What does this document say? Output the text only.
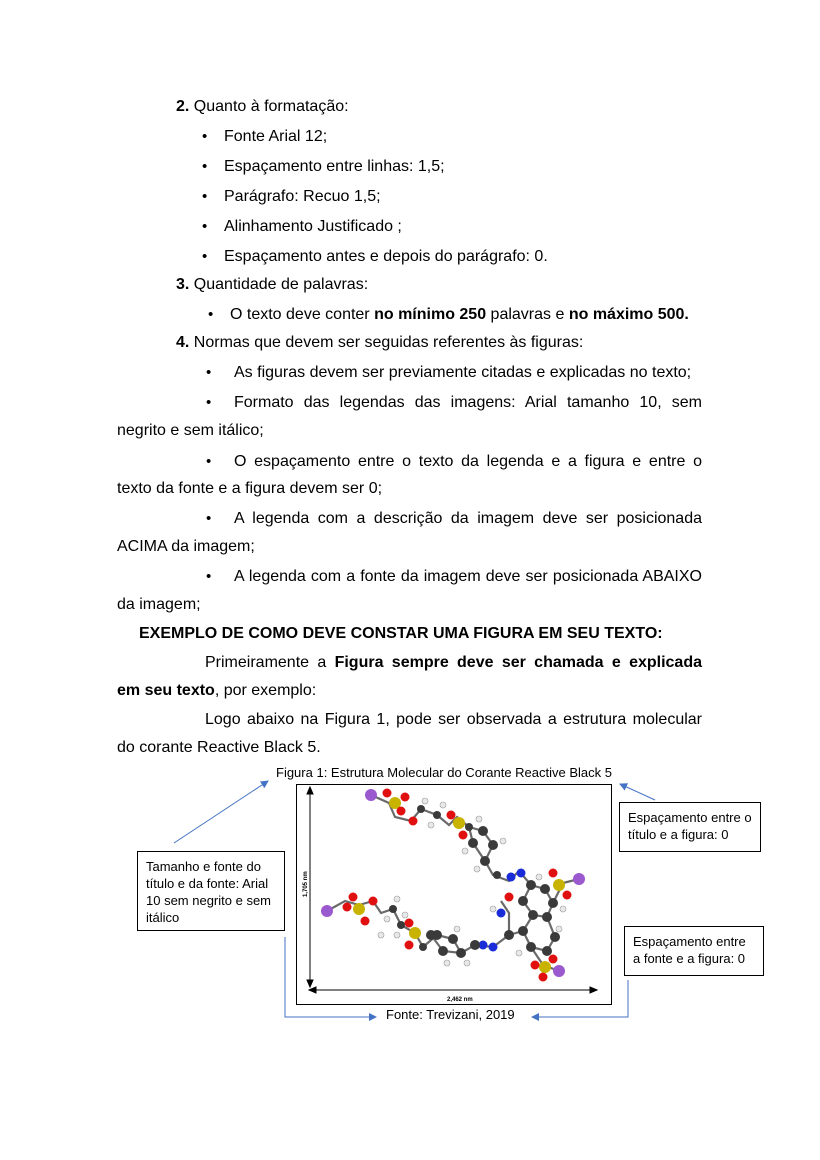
2. Quanto à formatação:
• Fonte Arial 12;
• Espaçamento entre linhas: 1,5;
• Parágrafo: Recuo 1,5;
• Alinhamento Justificado ;
• Espaçamento antes e depois do parágrafo: 0.
3. Quantidade de palavras:
• O texto deve conter no mínimo 250 palavras e no máximo 500.
4. Normas que devem ser seguidas referentes às figuras:
• As figuras devem ser previamente citadas e explicadas no texto;
• Formato das legendas das imagens: Arial tamanho 10, sem
negrito e sem itálico;
• O espaçamento entre o texto da legenda e a figura e entre o
texto da fonte e a figura devem ser 0;
• A legenda com a descrição da imagem deve ser posicionada
ACIMA da imagem;
• A legenda com a fonte da imagem deve ser posicionada ABAIXO
da imagem;
EXEMPLO DE COMO DEVE CONSTAR UMA FIGURA EM SEU TEXTO:
Primeiramente a Figura sempre deve ser chamada e explicada
em seu texto, por exemplo:
Logo abaixo na Figura 1, pode ser observada a estrutura molecular
do corante Reactive Black 5.
Figura 1: Estrutura Molecular do Corante Reactive Black 5
1,705 nm
2,462 nm
Fonte: Trevizani, 2019
Tamanho e fonte do título e da fonte: Arial 10 sem negrito e sem itálico
Espaçamento entre o título e a figura: 0
Espaçamento entre a fonte e a figura: 0
